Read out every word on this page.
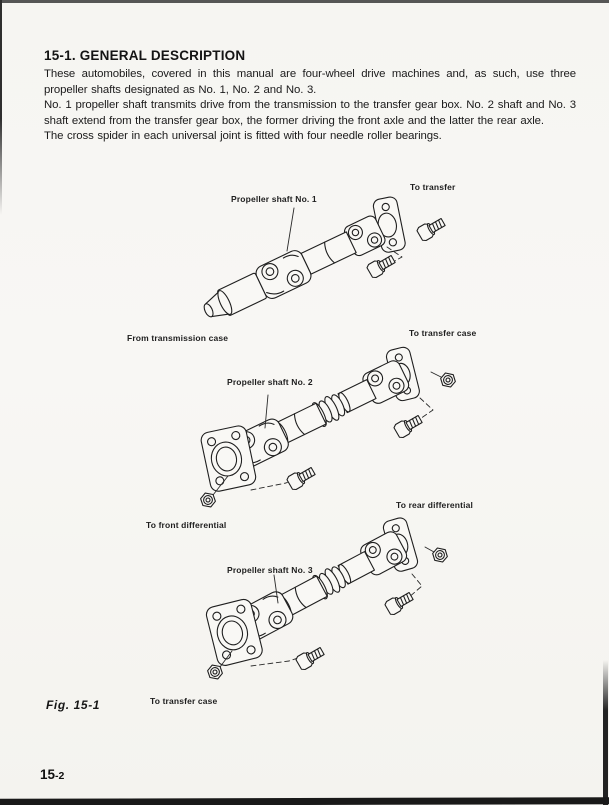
15-1. GENERAL DESCRIPTION

These automobiles, covered in this manual are four-wheel drive machines and, as such, use three propeller shafts designated as No. 1, No. 2 and No. 3.

No. 1 propeller shaft transmits drive from the transmission to the transfer gear box. No. 2 shaft and No. 3 shaft extend from the transfer gear box, the former driving the front axle and the latter the rear axle.

The cross spider in each universal joint is fitted with four needle roller bearings.

To transfer
Propeller shaft No. 1
From transmission case	To transfer case
Propeller shaft No. 2
To rear differential
To front differential
Propeller shaft No. 3
To transfer case
Fig. 15-1
15-2
